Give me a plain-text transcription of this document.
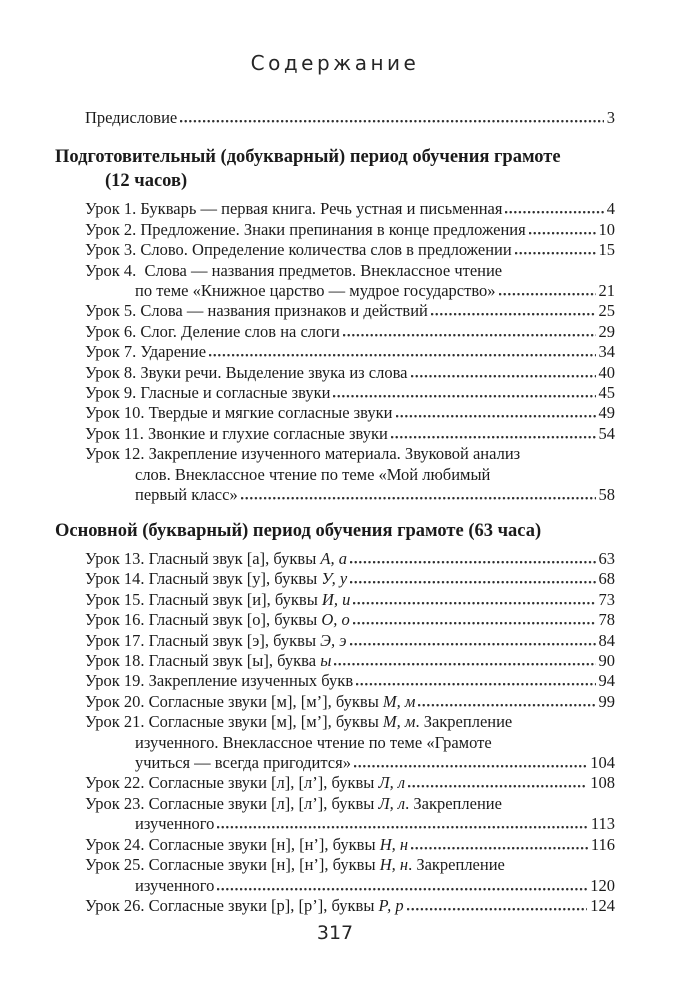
Содержание
Предисловие	3
Подготовительный (добукварный) период обучения грамоте
(12 часов)
Урок 1. Букварь — первая книга. Речь устная и письменная	4
Урок 2. Предложение. Знаки препинания в конце предложения	10
Урок 3. Слово. Определение количества слов в предложении	15
Урок 4.  Слова — названия предметов. Внеклассное чтение
по теме «Книжное царство — мудрое государство»	21
Урок 5. Слова — названия признаков и действий	25
Урок 6. Слог. Деление слов на слоги	29
Урок 7. Ударение	34
Урок 8. Звуки речи. Выделение звука из слова	40
Урок 9. Гласные и согласные звуки	45
Урок 10. Твердые и мягкие согласные звуки	49
Урок 11. Звонкие и глухие согласные звуки	54
Урок 12. Закрепление изученного материала. Звуковой анализ
слов. Внеклассное чтение по теме «Мой любимый
первый класс»	58
Основной (букварный) период обучения грамоте (63 часа)
Урок 13. Гласный звук [а], буквы А, а	63
Урок 14. Гласный звук [у], буквы У, у	68
Урок 15. Гласный звук [и], буквы И, и	73
Урок 16. Гласный звук [о], буквы О, о	78
Урок 17. Гласный звук [э], буквы Э, э	84
Урок 18. Гласный звук [ы], буква ы	90
Урок 19. Закрепление изученных букв	94
Урок 20. Согласные звуки [м], [м’], буквы М, м	99
Урок 21. Согласные звуки [м], [м’], буквы М, м. Закрепление
изученного. Внеклассное чтение по теме «Грамоте
учиться — всегда пригодится»	104
Урок 22. Согласные звуки [л], [л’], буквы Л, л	108
Урок 23. Согласные звуки [л], [л’], буквы Л, л. Закрепление
изученного	113
Урок 24. Согласные звуки [н], [н’], буквы Н, н	116
Урок 25. Согласные звуки [н], [н’], буквы Н, н. Закрепление
изученного	120
Урок 26. Согласные звуки [р], [р’], буквы Р, р	124
317
